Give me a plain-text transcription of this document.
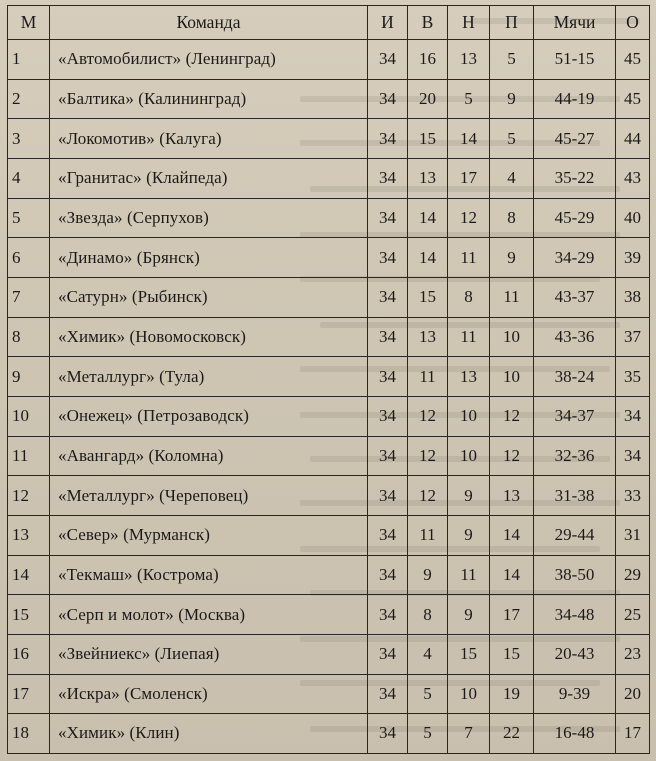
М	Команда	И	В	Н	П	Мячи	О
1	«Автомобилист» (Ленинград)	34	16	13	5	51-15	45
2	«Балтика» (Калининград)	34	20	5	9	44-19	45
3	«Локомотив» (Калуга)	34	15	14	5	45-27	44
4	«Гранитас» (Клайпеда)	34	13	17	4	35-22	43
5	«Звезда» (Серпухов)	34	14	12	8	45-29	40
6	«Динамо» (Брянск)	34	14	11	9	34-29	39
7	«Сатурн» (Рыбинск)	34	15	8	11	43-37	38
8	«Химик» (Новомосковск)	34	13	11	10	43-36	37
9	«Металлург» (Тула)	34	11	13	10	38-24	35
10	«Онежец» (Петрозаводск)	34	12	10	12	34-37	34
11	«Авангард» (Коломна)	34	12	10	12	32-36	34
12	«Металлург» (Череповец)	34	12	9	13	31-38	33
13	«Север» (Мурманск)	34	11	9	14	29-44	31
14	«Текмаш» (Кострома)	34	9	11	14	38-50	29
15	«Серп и молот» (Москва)	34	8	9	17	34-48	25
16	«Звейниекс» (Лиепая)	34	4	15	15	20-43	23
17	«Искра» (Смоленск)	34	5	10	19	9-39	20
18	«Химик» (Клин)	34	5	7	22	16-48	17
